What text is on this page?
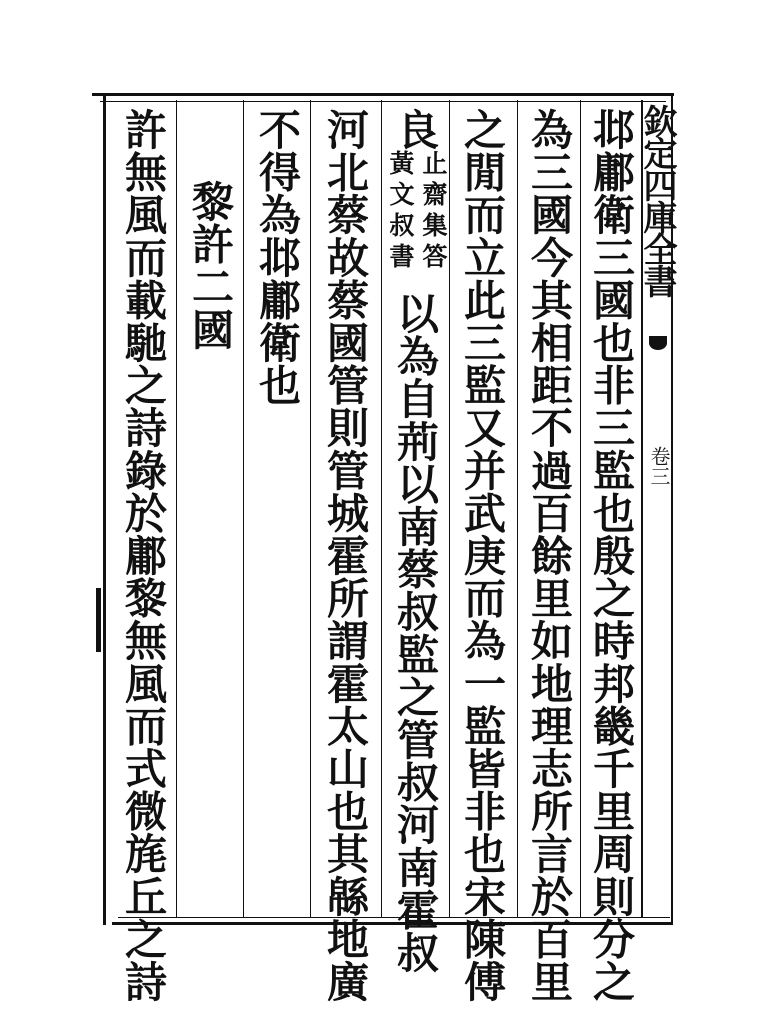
欽定四庫全書
卷三
邶鄘衛三國也非三監也殷之時邦畿千里周則分之
為三國今其相距不過百餘里如地理志所言於百里
之閒而立此三監又并武庚而為一監皆非也宋陳傅
良
止齋集答
黃文叔書
以為自荊以南蔡叔監之管叔河南霍叔
河北蔡故蔡國管則管城霍所謂霍太山也其緜地廣
不得為邶鄘衛也
黎許二國
許無風而載馳之詩錄於鄘黎無風而式微旄丘之詩
